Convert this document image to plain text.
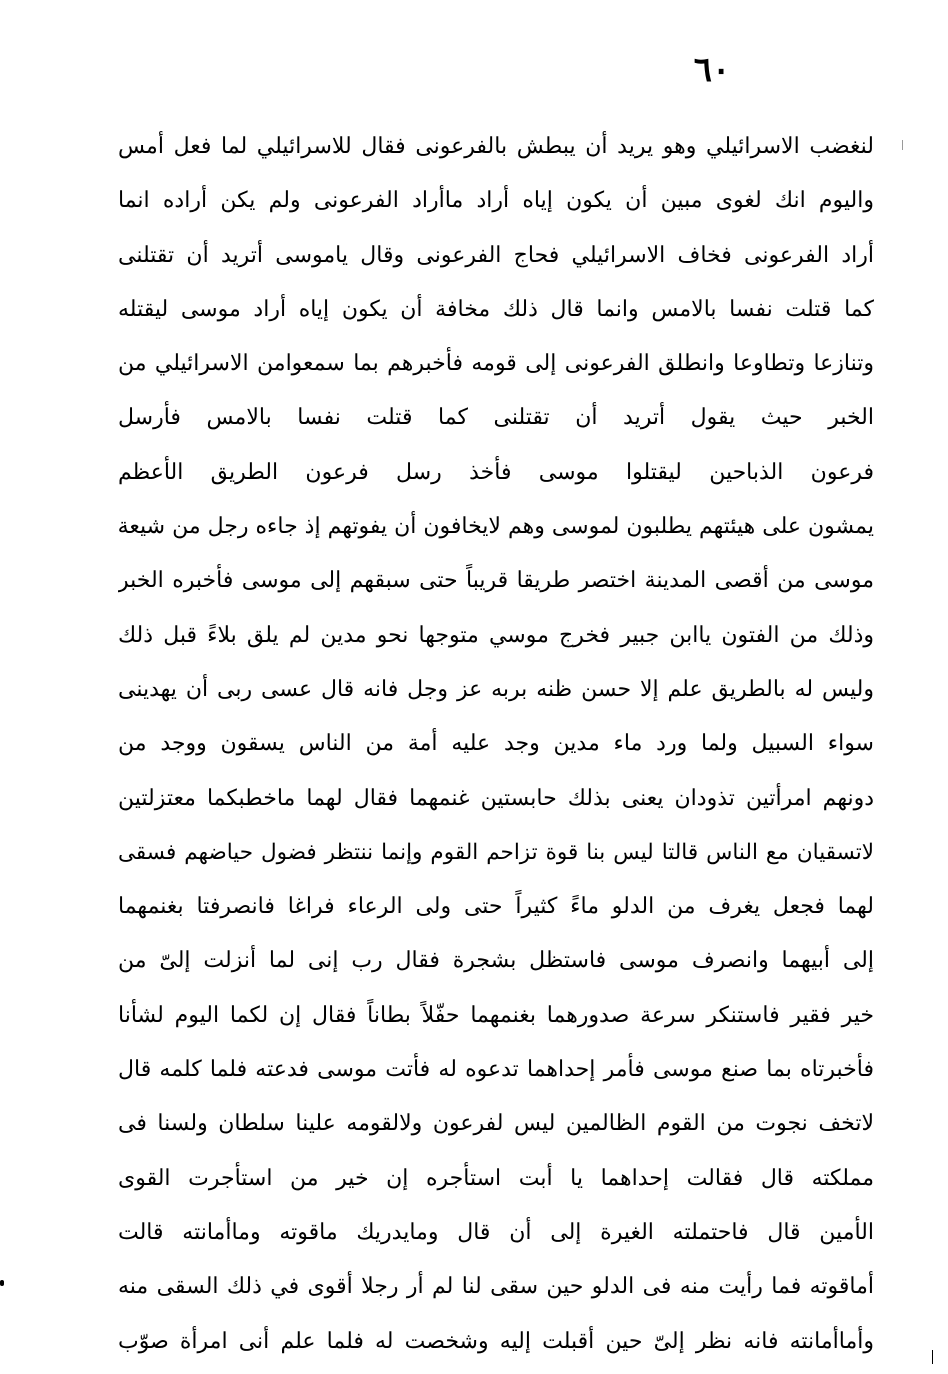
٦٠
لنغضب الاسرائيلي وهو يريد أن يبطش بالفرعونى فقال للاسرائيلي لما فعل أمس
واليوم انك لغوى مبين أن يكون إياه أراد ماأراد الفرعونى ولم يكن أراده انما
أراد الفرعونى فخاف الاسرائيلي فحاج الفرعونى وقال ياموسى أتريد أن تقتلنى
كما قتلت نفسا بالامس وانما قال ذلك مخافة أن يكون إياه أراد موسى ليقتله
وتنازعا وتطاوعا وانطلق الفرعونى إلى قومه فأخبرهم بما سمعوامن الاسرائيلي من
الخبر حيث يقول أتريد أن تقتلنى كما قتلت نفسا بالامس فأرسل
فرعون الذباحين ليقتلوا موسى فأخذ رسل فرعون الطريق الأعظم
يمشون على هيئتهم يطلبون لموسى وهم لايخافون أن يفوتهم إذ جاءه رجل من شيعة
موسى من أقصى المدينة اختصر طريقا قريباً حتى سبقهم إلى موسى فأخبره الخبر
وذلك من الفتون ياابن جبير فخرج موسي متوجها نحو مدين لم يلق بلاءً قبل ذلك
وليس له بالطريق علم إلا حسن ظنه بربه عز وجل فانه قال عسى ربى أن يهدينى
سواء السبيل ولما ورد ماء مدين وجد عليه أمة من الناس يسقون ووجد من
دونهم امرأتين تذودان يعنى بذلك حابستين غنمهما فقال لهما ماخطبكما معتزلتين
لاتسقيان مع الناس قالتا ليس بنا قوة تزاحم القوم وإنما ننتظر فضول حياضهم فسقى
لهما فجعل يغرف من الدلو ماءً كثيراً حتى ولى الرعاء فراغا فانصرفتا بغنمهما
إلى أبيهما وانصرف موسى فاستظل بشجرة فقال رب إنى لما أنزلت إلىّ من
خير فقير فاستنكر سرعة صدورهما بغنمهما حفّلاً بطاناً فقال إن لكما اليوم لشأنا
فأخبرتاه بما صنع موسى فأمر إحداهما تدعوه له فأتت موسى فدعته فلما كلمه قال
لاتخف نجوت من القوم الظالمين ليس لفرعون ولالقومه علينا سلطان ولسنا فى
مملكته قال فقالت إحداهما يا أبت استأجره إن خير من استأجرت القوى
الأمين قال فاحتملته الغيرة إلى أن قال ومايدريك ماقوته وماأمانته قالت
أماقوته فما رأيت منه فى الدلو حين سقى لنا لم أر رجلا أقوى في ذلك السقى منه
وأماأمانته فانه نظر إلىّ حين أقبلت إليه وشخصت له فلما علم أنى امرأة صوّب
